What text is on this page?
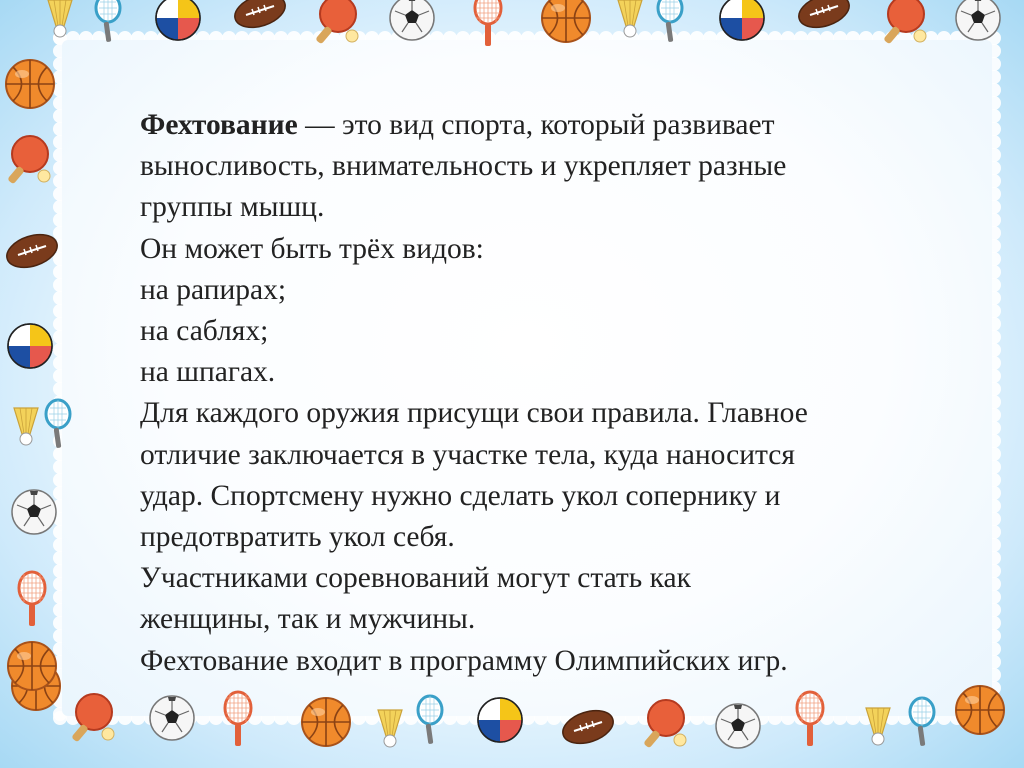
Фехтование — это вид спорта, который развивает

выносливость, внимательность и укрепляет разные

группы мышц.

Он может быть трёх видов:

на рапирах;

на саблях;

на шпагах.

Для каждого оружия присущи свои правила. Главное

отличие заключается в участке тела, куда наносится

удар. Спортсмену нужно сделать укол сопернику и

предотвратить укол себя.

Участниками соревнований могут стать как

женщины, так и мужчины.

Фехтование входит в программу Олимпийских игр.
